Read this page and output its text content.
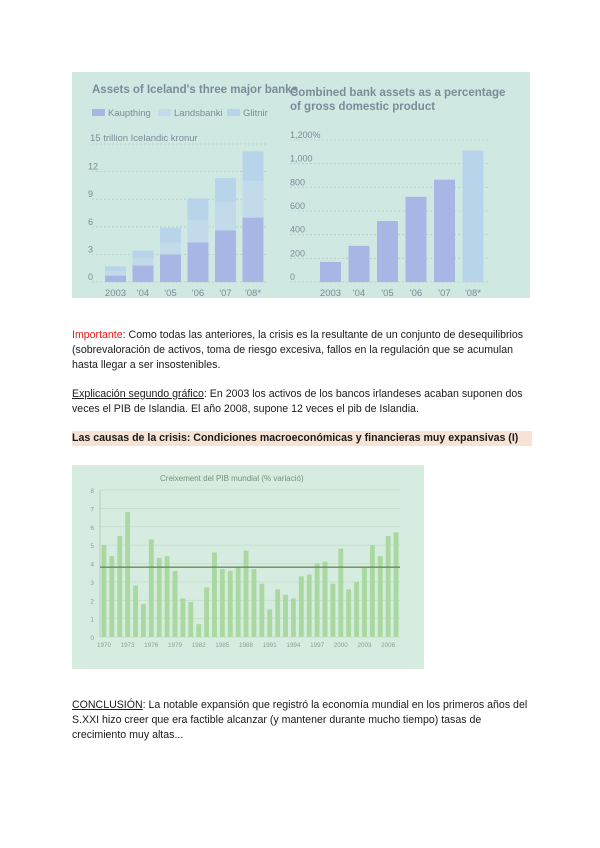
Assets of Iceland's three major banks
Kaupthing Landsbanki Glitnir
15 trillion Icelandic kronur
0
3
6
9
12
2003 '04 '05 '06 '07 '08*
Combined bank assets as a percentage
of gross domestic product
0
200
400
600
800
1,000
1,200%
2003 '04 '05 '06 '07 '08*

Importante: Como todas las anteriores, la crisis es la resultante de un conjunto de desequilibrios (sobrevaloración de activos, toma de riesgo excesiva, fallos en la regulación que se acumulan hasta llegar a ser insostenibles.

Explicación segundo gráfico: En 2003 los activos de los bancos irlandeses acaban suponen dos veces el PIB de Islandia. El año 2008, supone 12 veces el pib de Islandia.

Las causas de la crisis: Condiciones macroeconómicas y financieras muy expansivas (I)

Creixement del PIB mundial (% variació)
0
1
2
3
4
5
6
7
8
1970 1973 1976 1979 1982 1985 1988 1991 1994 1997 2000 2003 2006

CONCLUSIÓN: La notable expansión que registró la economía mundial en los primeros años del S.XXI hizo creer que era factible alcanzar (y mantener durante mucho tiempo) tasas de crecimiento muy altas...
